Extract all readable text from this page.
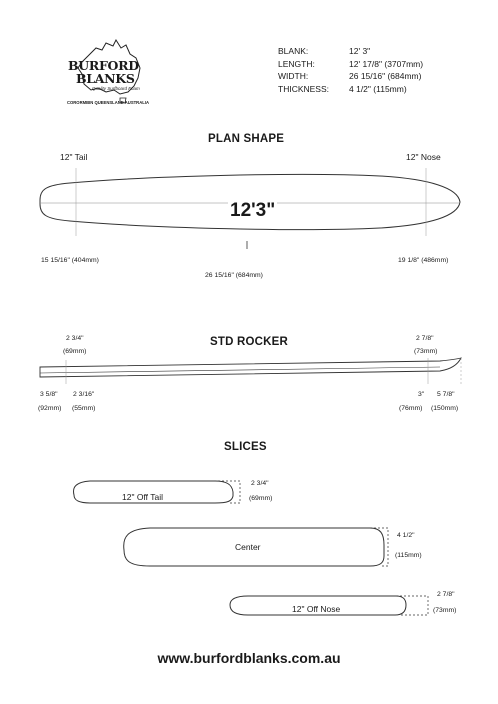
BURFORD
BLANKS
Quality Surfboard Foam
CORORMBIN QUEENSLAND AUSTRALIA
BLANK:	12' 3"
LENGTH:	12' 17/8" (3707mm)
WIDTH:	26 15/16" (684mm)
THICKNESS:	4 1/2" (115mm)
PLAN SHAPE
12" Tail	12" Nose
12'3"
15 15/16" (404mm)
26 15/16" (684mm)
19 1/8" (486mm)
STD ROCKER
2 3/4"
(69mm)
2 7/8"
(73mm)
3 5/8"
(92mm)
2 3/16"
(55mm)
3"
(76mm)
5 7/8"
(150mm)
SLICES
12" Off Tail
2 3/4"
(69mm)
Center
4 1/2"
(115mm)
12" Off Nose
2 7/8"
(73mm)
www.burfordblanks.com.au
